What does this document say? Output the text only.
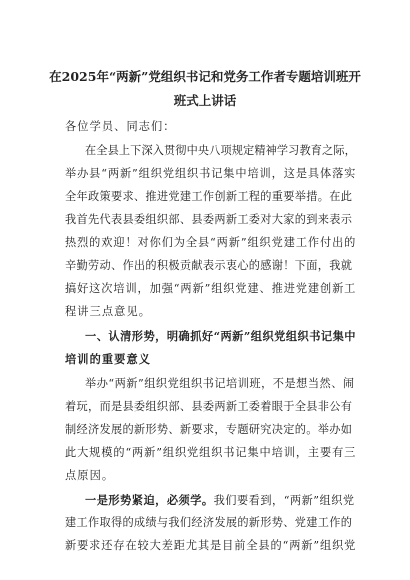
在2025年“两新”党组织书记和党务工作者专题培训班开
班式上讲话
各位学员、同志们：
在全县上下深入贯彻中央八项规定精神学习教育之际，
举办县“两新”组织党组织书记集中培训，这是具体落实
全年政策要求、推进党建工作创新工程的重要举措。在此
我首先代表县委组织部、县委两新工委对大家的到来表示
热烈的欢迎！对你们为全县“两新”组织党建工作付出的
辛勤劳动、作出的积极贡献表示衷心的感谢！下面，我就
搞好这次培训，加强“两新”组织党建、推进党建创新工
程讲三点意见。
一、认清形势，明确抓好“两新”组织党组织书记集中
培训的重要意义
举办“两新”组织党组织书记培训班，不是想当然、闹
着玩，而是县委组织部、县委两新工委着眼于全县非公有
制经济发展的新形势、新要求，专题研究决定的。举办如
此大规模的“两新”组织党组织书记集中培训，主要有三
点原因。
一是形势紧迫，必须学。我们要看到，“两新”组织党
建工作取得的成绩与我们经济发展的新形势、党建工作的
新要求还存在较大差距尤其是目前全县的“两新”组织党
